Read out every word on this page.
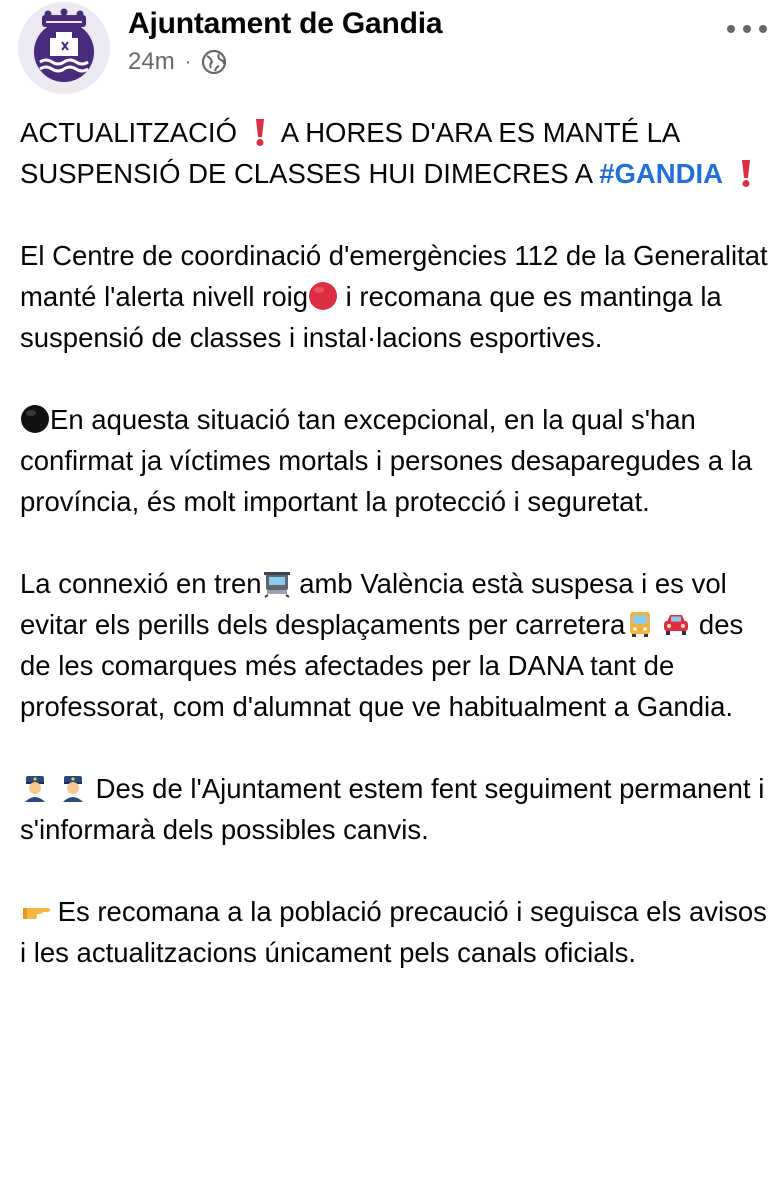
Ajuntament de Gandia
24m ·

ACTUALITZACIÓ
A HORES D'ARA ES MANTÉ LA SUSPENSIÓ DE CLASSES HUI DIMECRES A #GANDIA

El Centre de coordinació d'emergències 112 de la Generalitat manté l'alerta nivell roig
i recomana que es mantinga la suspensió de classes i instal·lacions esportives.

En aquesta situació tan excepcional, en la qual s'han confirmat ja víctimes mortals i persones desaparegudes a la província, és molt important la protecció i seguretat.

La connexió en tren
amb València està suspesa i es vol evitar els perills dels desplaçaments per carretera
des de les comarques més afectades per la DANA tant de professorat, com d'alumnat que ve habitualment a Gandia.

Des de l'Ajuntament estem fent seguiment permanent i s'informarà dels possibles canvis.

Es recomana a la població precaució i seguisca els avisos i les actualitzacions únicament pels canals oficials.
